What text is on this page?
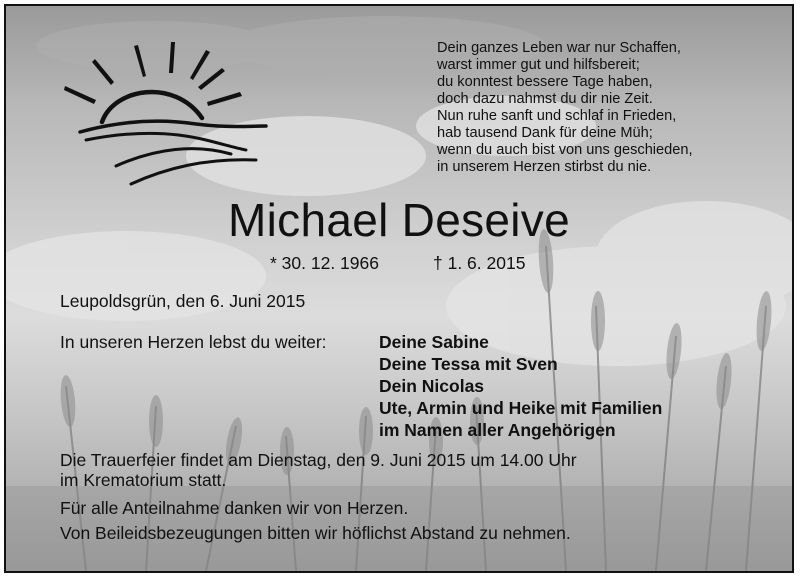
Dein ganzes Leben war nur Schaffen,
warst immer gut und hilfsbereit;
du konntest bessere Tage haben,
doch dazu nahmst du dir nie Zeit.
Nun ruhe sanft und schlaf in Frieden,
hab tausend Dank für deine Müh;
wenn du auch bist von uns geschieden,
in unserem Herzen stirbst du nie.
Michael Deseive
* 30. 12. 1966	† 1. 6. 2015
Leupoldsgrün, den 6. Juni 2015
In unseren Herzen lebst du weiter:	Deine Sabine
Deine Tessa mit Sven
Dein Nicolas
Ute, Armin und Heike mit Familien
im Namen aller Angehörigen
Die Trauerfeier findet am Dienstag, den 9. Juni 2015 um 14.00 Uhr
im Krematorium statt.
Für alle Anteilnahme danken wir von Herzen.
Von Beileidsbezeugungen bitten wir höflichst Abstand zu nehmen.
